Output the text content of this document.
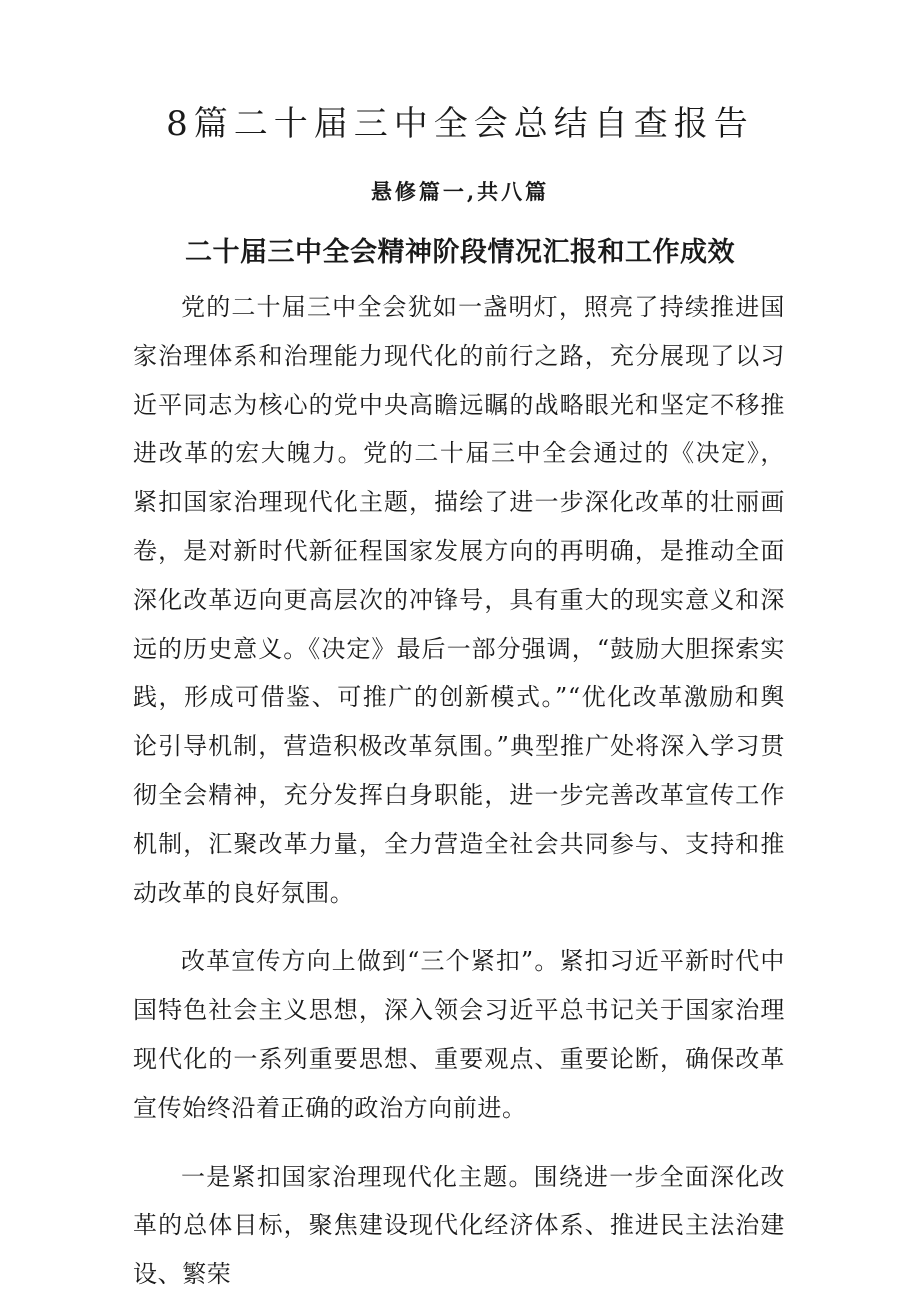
8篇二十届三中全会总结自查报告
悬修篇一,共八篇
二十届三中全会精神阶段情况汇报和工作成效

党的二十届三中全会犹如一盏明灯，照亮了持续推进国家治理体系和治理能力现代化的前行之路，充分展现了以习近平同志为核心的党中央高瞻远瞩的战略眼光和坚定不移推进改革的宏大魄力。党的二十届三中全会通过的《决定》，紧扣国家治理现代化主题，描绘了进一步深化改革的壮丽画卷，是对新时代新征程国家发展方向的再明确，是推动全面深化改革迈向更高层次的冲锋号，具有重大的现实意义和深远的历史意义。《决定》最后一部分强调，“鼓励大胆探索实践，形成可借鉴、可推广的创新模式。”“优化改革激励和舆论引导机制，营造积极改革氛围。”典型推广处将深入学习贯彻全会精神，充分发挥白身职能，进一步完善改革宣传工作机制，汇聚改革力量，全力营造全社会共同参与、支持和推动改革的良好氛围。

改革宣传方向上做到“三个紧扣”。紧扣习近平新时代中国特色社会主义思想，深入领会习近平总书记关于国家治理现代化的一系列重要思想、重要观点、重要论断，确保改革宣传始终沿着正确的政治方向前进。

一是紧扣国家治理现代化主题。围绕进一步全面深化改革的总体目标，聚焦建设现代化经济体系、推进民主法治建设、繁荣
